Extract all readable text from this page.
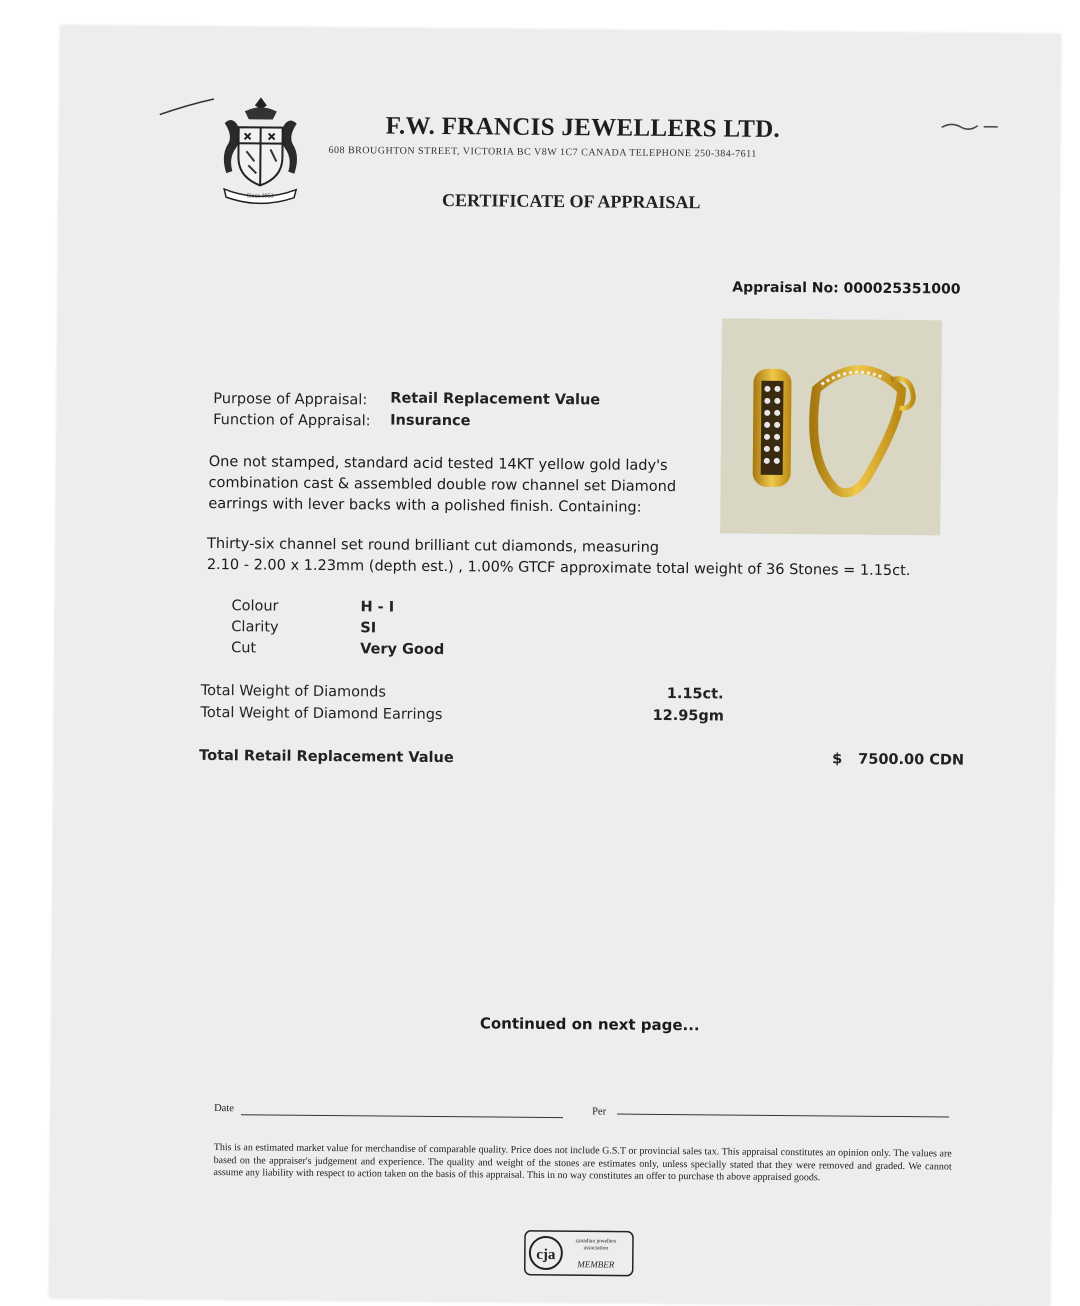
Since 1953
F.W. FRANCIS JEWELLERS LTD.
608 BROUGHTON STREET, VICTORIA BC V8W 1C7 CANADA TELEPHONE 250-384-7611
CERTIFICATE OF APPRAISAL
Appraisal No: 000025351000
Purpose of Appraisal: Retail Replacement Value
Function of Appraisal: Insurance
One not stamped, standard acid tested 14KT yellow gold lady's combination cast & assembled double row channel set Diamond earrings with lever backs with a polished finish. Containing:
Thirty-six channel set round brilliant cut diamonds, measuring
2.10 - 2.00 x 1.23mm (depth est.) , 1.00% GTCF approximate total weight of 36 Stones = 1.15ct.
Colour	H - I
Clarity	SI
Cut	Very Good
Total Weight of Diamonds	1.15ct.
Total Weight of Diamond Earrings	12.95gm
Total Retail Replacement Value	$ 7500.00 CDN
Continued on next page...
Date	Per
This is an estimated market value for merchandise of comparable quality. Price does not include G.S.T or provincial sales tax. This appraisal constitutes an opinion only. The values are based on the appraiser's judgement and experience. The quality and weight of the stones are estimates only, unless specially stated that they were removed and graded. We cannot assume any liability with respect to action taken on the basis of this appraisal. This in no way constitutes an offer to purchase th above appraised goods.
cja
canadian jewellers
association
MEMBER
